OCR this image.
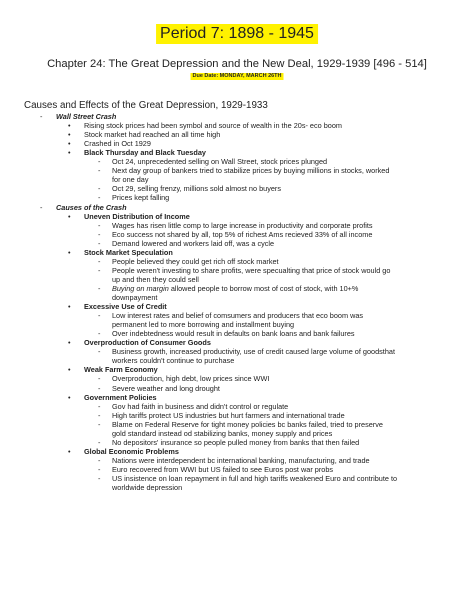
Period 7: 1898 - 1945
Chapter 24: The Great Depression and the New Deal, 1929-1939 [496 - 514]
Due Date: MONDAY, MARCH 26TH
Causes and Effects of the Great Depression, 1929-1933
- Wall Street Crash
• Rising stock prices had been symbol and source of wealth in the 20s- eco boom
• Stock market had reached an all time high
• Crashed in Oct 1929
• Black Thursday and Black Tuesday
- Oct 24, unprecedented selling on Wall Street, stock prices plunged
- Next day group of bankers tried to stabilize prices by buying millions in stocks, worked
for one day
- Oct 29, selling frenzy, millions sold almost no buyers
- Prices kept falling
- Causes of the Crash
• Uneven Distribution of Income
- Wages has risen little comp to large increase in productivity and corporate profits
- Eco success not shared by all, top 5% of richest Ams recieved 33% of all income
- Demand lowered and workers laid off, was a cycle
• Stock Market Speculation
- People believed they could get rich off stock market
- People weren't investing to share profits, were specualting that price of stock would go
up and then they could sell
- Buying on margin allowed people to borrow most of cost of stock, with 10+%
downpayment
• Excessive Use of Credit
- Low interest rates and belief of comsumers and producers that eco boom was
permanent led to more borrowing and installment buying
- Over indebtedness would result in defaults on bank loans and bank failures
• Overproduction of Consumer Goods
- Business growth, increased productivity, use of credit caused large volume of goodsthat
workers couldn't continue to purchase
• Weak Farm Economy
- Overproduction, high debt, low prices since WWI
- Severe weather and long drought
• Government Policies
- Gov had faith in business and didn't control or regulate
- High tariffs protect US industries but hurt farmers and international trade
- Blame on Federal Reserve for tight money policies bc banks failed, tried to preserve
gold standard instead od stabilizing banks, money supply and prices
- No depositors' insurance so people pulled money from banks that then failed
• Global Economic Problems
- Nations were interdependent bc international banking, manufacturing, and trade
- Euro recovered from WWI but US failed to see Euros post war probs
- US insistence on loan repayment in full and high tariffs weakened Euro and contribute to
worldwide depression
